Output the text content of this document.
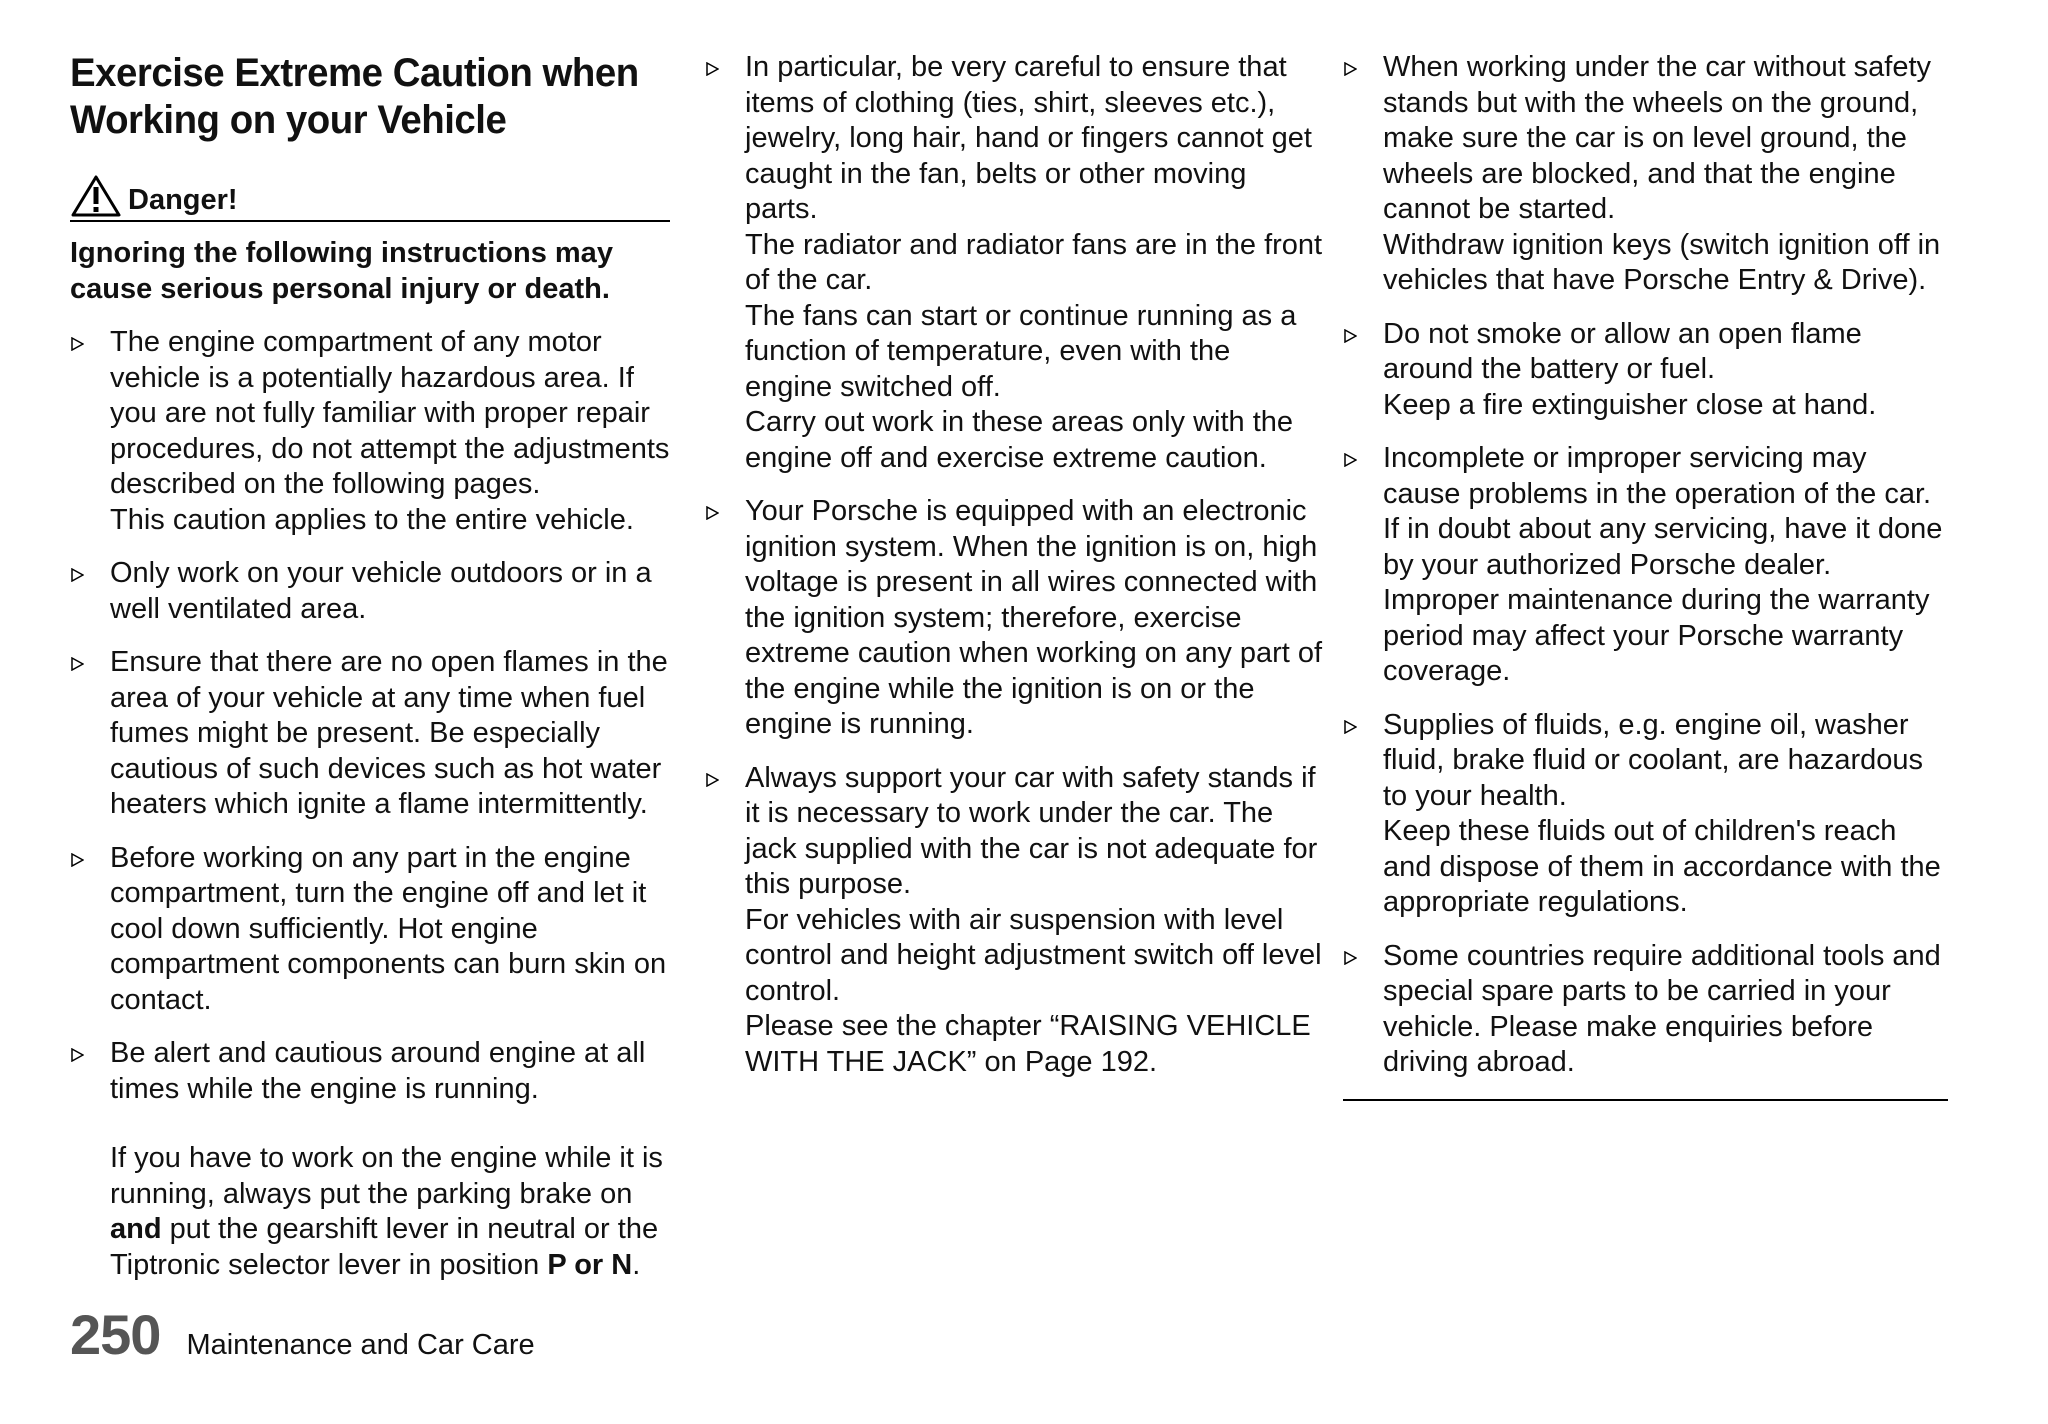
Exercise Extreme Caution when Working on your Vehicle
Danger!
Ignoring the following instructions may cause serious personal injury or death.

The engine compartment of any motor vehicle is a potentially hazardous area. If you are not fully familiar with proper repair procedures, do not attempt the adjustments described on the following pages.

This caution applies to the entire vehicle.

Only work on your vehicle outdoors or in a well ventilated area.

Ensure that there are no open flames in the area of your vehicle at any time when fuel fumes might be present. Be especially cautious of such devices such as hot water heaters which ignite a flame intermittently.

Before working on any part in the engine compartment, turn the engine off and let it cool down sufficiently. Hot engine compartment components can burn skin on contact.

Be alert and cautious around engine at all times while the engine is running.

If you have to work on the engine while it is running, always put the parking brake on and put the gearshift lever in neutral or the Tiptronic selector lever in position P or N.

In particular, be very careful to ensure that items of clothing (ties, shirt, sleeves etc.), jewelry, long hair, hand or fingers cannot get caught in the fan, belts or other moving parts.

The radiator and radiator fans are in the front of the car.

The fans can start or continue running as a function of temperature, even with the engine switched off.

Carry out work in these areas only with the engine off and exercise extreme caution.

Your Porsche is equipped with an electronic ignition system. When the ignition is on, high voltage is present in all wires connected with the ignition system; therefore, exercise extreme caution when working on any part of the engine while the ignition is on or the engine is running.

Always support your car with safety stands if it is necessary to work under the car. The jack supplied with the car is not adequate for this purpose.

For vehicles with air suspension with level control and height adjustment switch off level control.

Please see the chapter “RAISING VEHICLE WITH THE JACK” on Page 192.

When working under the car without safety stands but with the wheels on the ground, make sure the car is on level ground, the wheels are blocked, and that the engine cannot be started.

Withdraw ignition keys (switch ignition off in vehicles that have Porsche Entry & Drive).

Do not smoke or allow an open flame around the battery or fuel.

Keep a fire extinguisher close at hand.

Incomplete or improper servicing may cause problems in the operation of the car. If in doubt about any servicing, have it done by your authorized Porsche dealer.

Improper maintenance during the warranty period may affect your Porsche warranty coverage.

Supplies of fluids, e.g. engine oil, washer fluid, brake fluid or coolant, are hazardous to your health.

Keep these fluids out of children's reach and dispose of them in accordance with the appropriate regulations.

Some countries require additional tools and special spare parts to be carried in your vehicle. Please make enquiries before driving abroad.

250 Maintenance and Car Care
